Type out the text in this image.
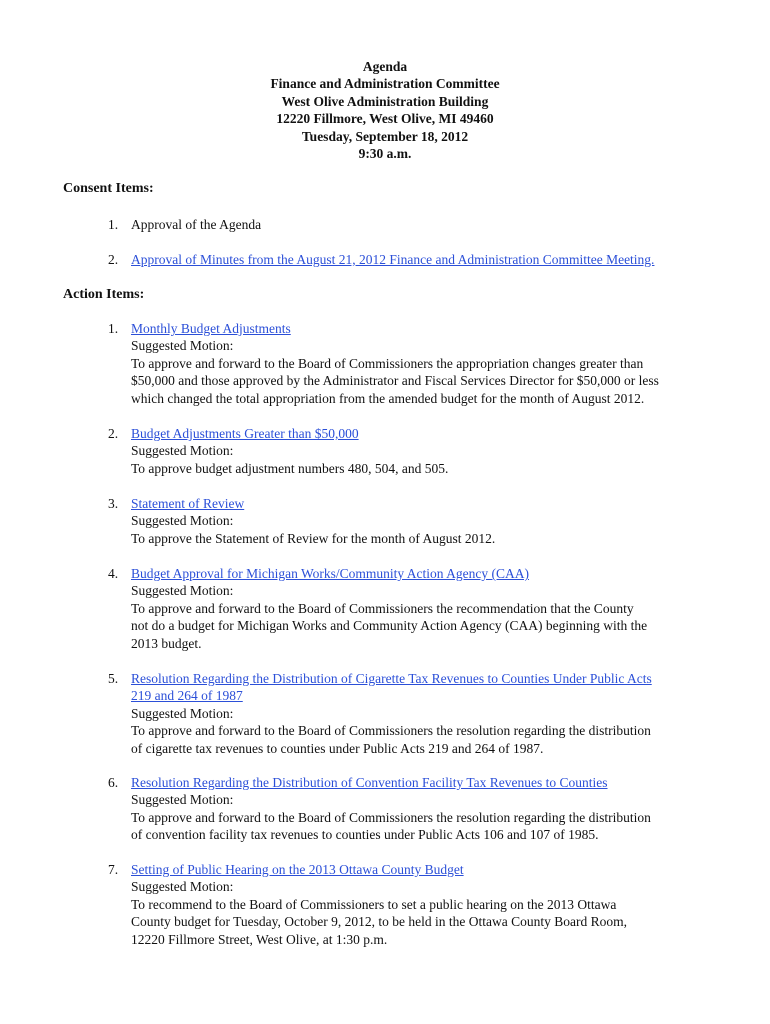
Agenda
Finance and Administration Committee
West Olive Administration Building
12220 Fillmore, West Olive, MI 49460
Tuesday, September 18, 2012
9:30 a.m.
Consent Items:
1. Approval of the Agenda
2. Approval of Minutes from the August 21, 2012 Finance and Administration Committee Meeting.
Action Items:
1. Monthly Budget Adjustments
Suggested Motion:
To approve and forward to the Board of Commissioners the appropriation changes greater than
$50,000 and those approved by the Administrator and Fiscal Services Director for $50,000 or less
which changed the total appropriation from the amended budget for the month of August 2012.
2. Budget Adjustments Greater than $50,000
Suggested Motion:
To approve budget adjustment numbers 480, 504, and 505.
3. Statement of Review
Suggested Motion:
To approve the Statement of Review for the month of August 2012.
4. Budget Approval for Michigan Works/Community Action Agency (CAA)
Suggested Motion:
To approve and forward to the Board of Commissioners the recommendation that the County
not do a budget for Michigan Works and Community Action Agency (CAA) beginning with the
2013 budget.
5. Resolution Regarding the Distribution of Cigarette Tax Revenues to Counties Under Public Acts
219 and 264 of 1987
Suggested Motion:
To approve and forward to the Board of Commissioners the resolution regarding the distribution
of cigarette tax revenues to counties under Public Acts 219 and 264 of 1987.
6. Resolution Regarding the Distribution of Convention Facility Tax Revenues to Counties
Suggested Motion:
To approve and forward to the Board of Commissioners the resolution regarding the distribution
of convention facility tax revenues to counties under Public Acts 106 and 107 of 1985.
7. Setting of Public Hearing on the 2013 Ottawa County Budget
Suggested Motion:
To recommend to the Board of Commissioners to set a public hearing on the 2013 Ottawa
County budget for Tuesday, October 9, 2012, to be held in the Ottawa County Board Room,
12220 Fillmore Street, West Olive, at 1:30 p.m.
